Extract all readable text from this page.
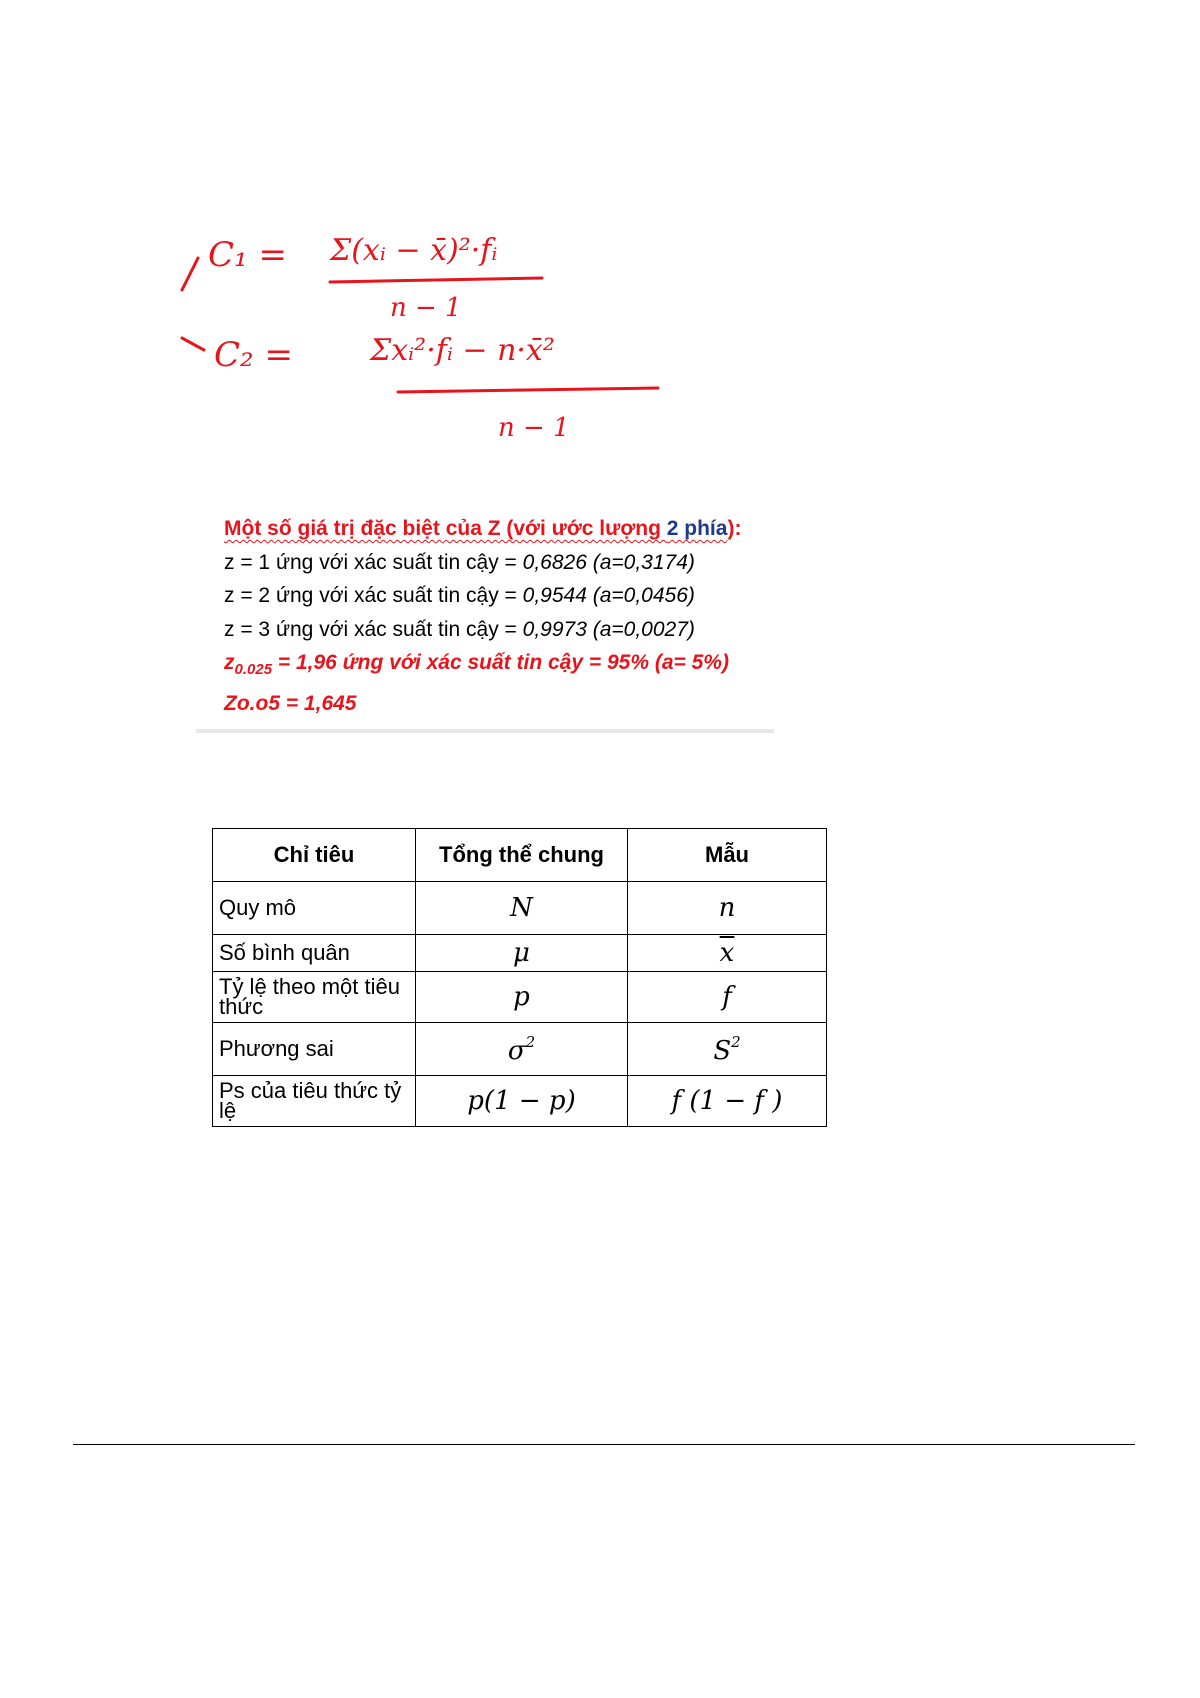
C₁ = Σ(xᵢ − x̄)²·fᵢ
n − 1
C₂ =	Σxᵢ²·fᵢ − n·x̄²
n − 1
Một số giá trị đặc biệt của Z (với ước lượng 2 phía):
z = 1 ứng với xác suất tin cậy = 0,6826 (a=0,3174)
z = 2 ứng với xác suất tin cậy = 0,9544 (a=0,0456)
z = 3 ứng với xác suất tin cậy = 0,9973 (a=0,0027)
$z_{0.025} = 1,96$ ứng với xác suất tin cậy = 95% (a= 5%)
Zo.o5 = 1,645
Chỉ tiêu	Tổng thể chung	Mẫu
Quy mô	N	n
Số bình quân	μ	$\overline{x}$
Tỷ lệ theo một tiêu thức	p	f
Phương sai	$\sigma^2$	$S^2$
Ps của tiêu thức tỷ lệ	p(1 − p)	f (1 − f )
